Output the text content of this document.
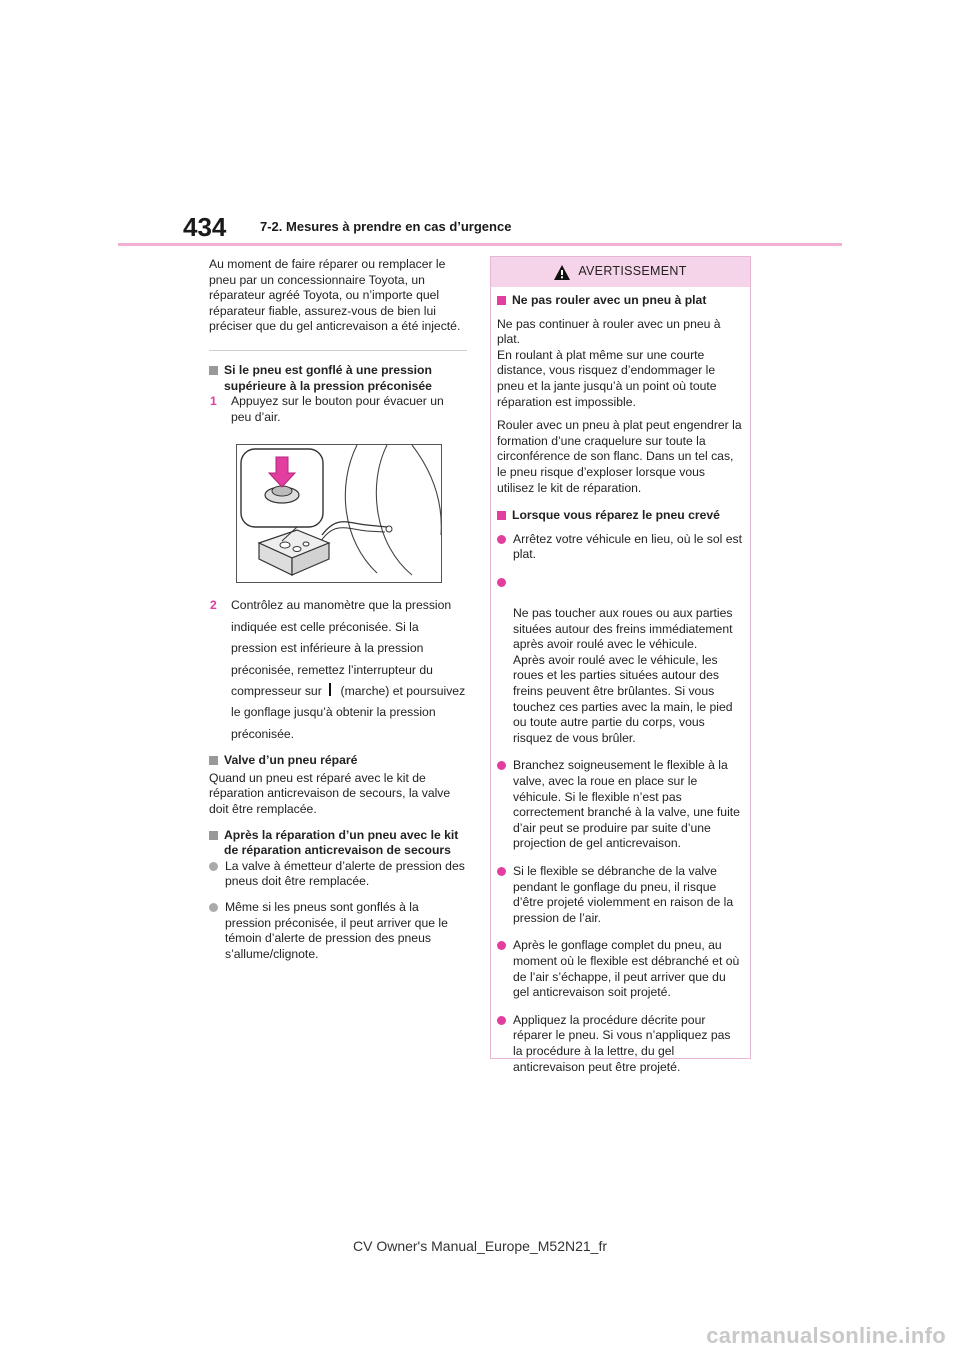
434	7-2. Mesures à prendre en cas d’urgence

Au moment de faire réparer ou remplacer le pneu par un concessionnaire Toyota, un réparateur agréé Toyota, ou n’importe quel réparateur fiable, assurez-vous de bien lui préciser que du gel anticrevaison a été injecté.

Si le pneu est gonflé à une pression supérieure à la pression préconisée

1 Appuyez sur le bouton pour évacuer un peu d’air.

2 Contrôlez au manomètre que la pression indiquée est celle préconisée. Si la pression est inférieure à la pression préconisée, remettez l’interrupteur du compresseur sur (marche) et poursuivez le gonflage jusqu’à obtenir la pression préconisée.

Valve d’un pneu réparé

Quand un pneu est réparé avec le kit de réparation anticrevaison de secours, la valve doit être remplacée.

Après la réparation d’un pneu avec le kit de réparation anticrevaison de secours

La valve à émetteur d’alerte de pression des pneus doit être remplacée.
Même si les pneus sont gonflés à la pression préconisée, il peut arriver que le témoin d’alerte de pression des pneus s’allume/clignote.
AVERTISSEMENT

Ne pas rouler avec un pneu à plat

Ne pas continuer à rouler avec un pneu à plat.
En roulant à plat même sur une courte distance, vous risquez d’endommager le pneu et la jante jusqu’à un point où toute réparation est impossible.

Rouler avec un pneu à plat peut engendrer la formation d’une craquelure sur toute la circonférence de son flanc. Dans un tel cas, le pneu risque d’exploser lorsque vous utilisez le kit de réparation.

Lorsque vous réparez le pneu crevé

Arrêtez votre véhicule en lieu, où le sol est plat.

Ne pas toucher aux roues ou aux parties situées autour des freins immédiatement après avoir roulé avec le véhicule.
Après avoir roulé avec le véhicule, les roues et les parties situées autour des freins peuvent être brûlantes. Si vous touchez ces parties avec la main, le pied ou toute autre partie du corps, vous risquez de vous brûler.

Branchez soigneusement le flexible à la valve, avec la roue en place sur le véhicule. Si le flexible n’est pas correctement branché à la valve, une fuite d’air peut se produire par suite d’une projection de gel anticrevaison.
Si le flexible se débranche de la valve pendant le gonflage du pneu, il risque d’être projeté violemment en raison de la pression de l’air.
Après le gonflage complet du pneu, au moment où le flexible est débranché et où de l’air s’échappe, il peut arriver que du gel anticrevaison soit projeté.
Appliquez la procédure décrite pour réparer le pneu. Si vous n’appliquez pas la procédure à la lettre, du gel anticrevaison peut être projeté.
CV Owner's Manual_Europe_M52N21_fr
carmanualsonline.info
